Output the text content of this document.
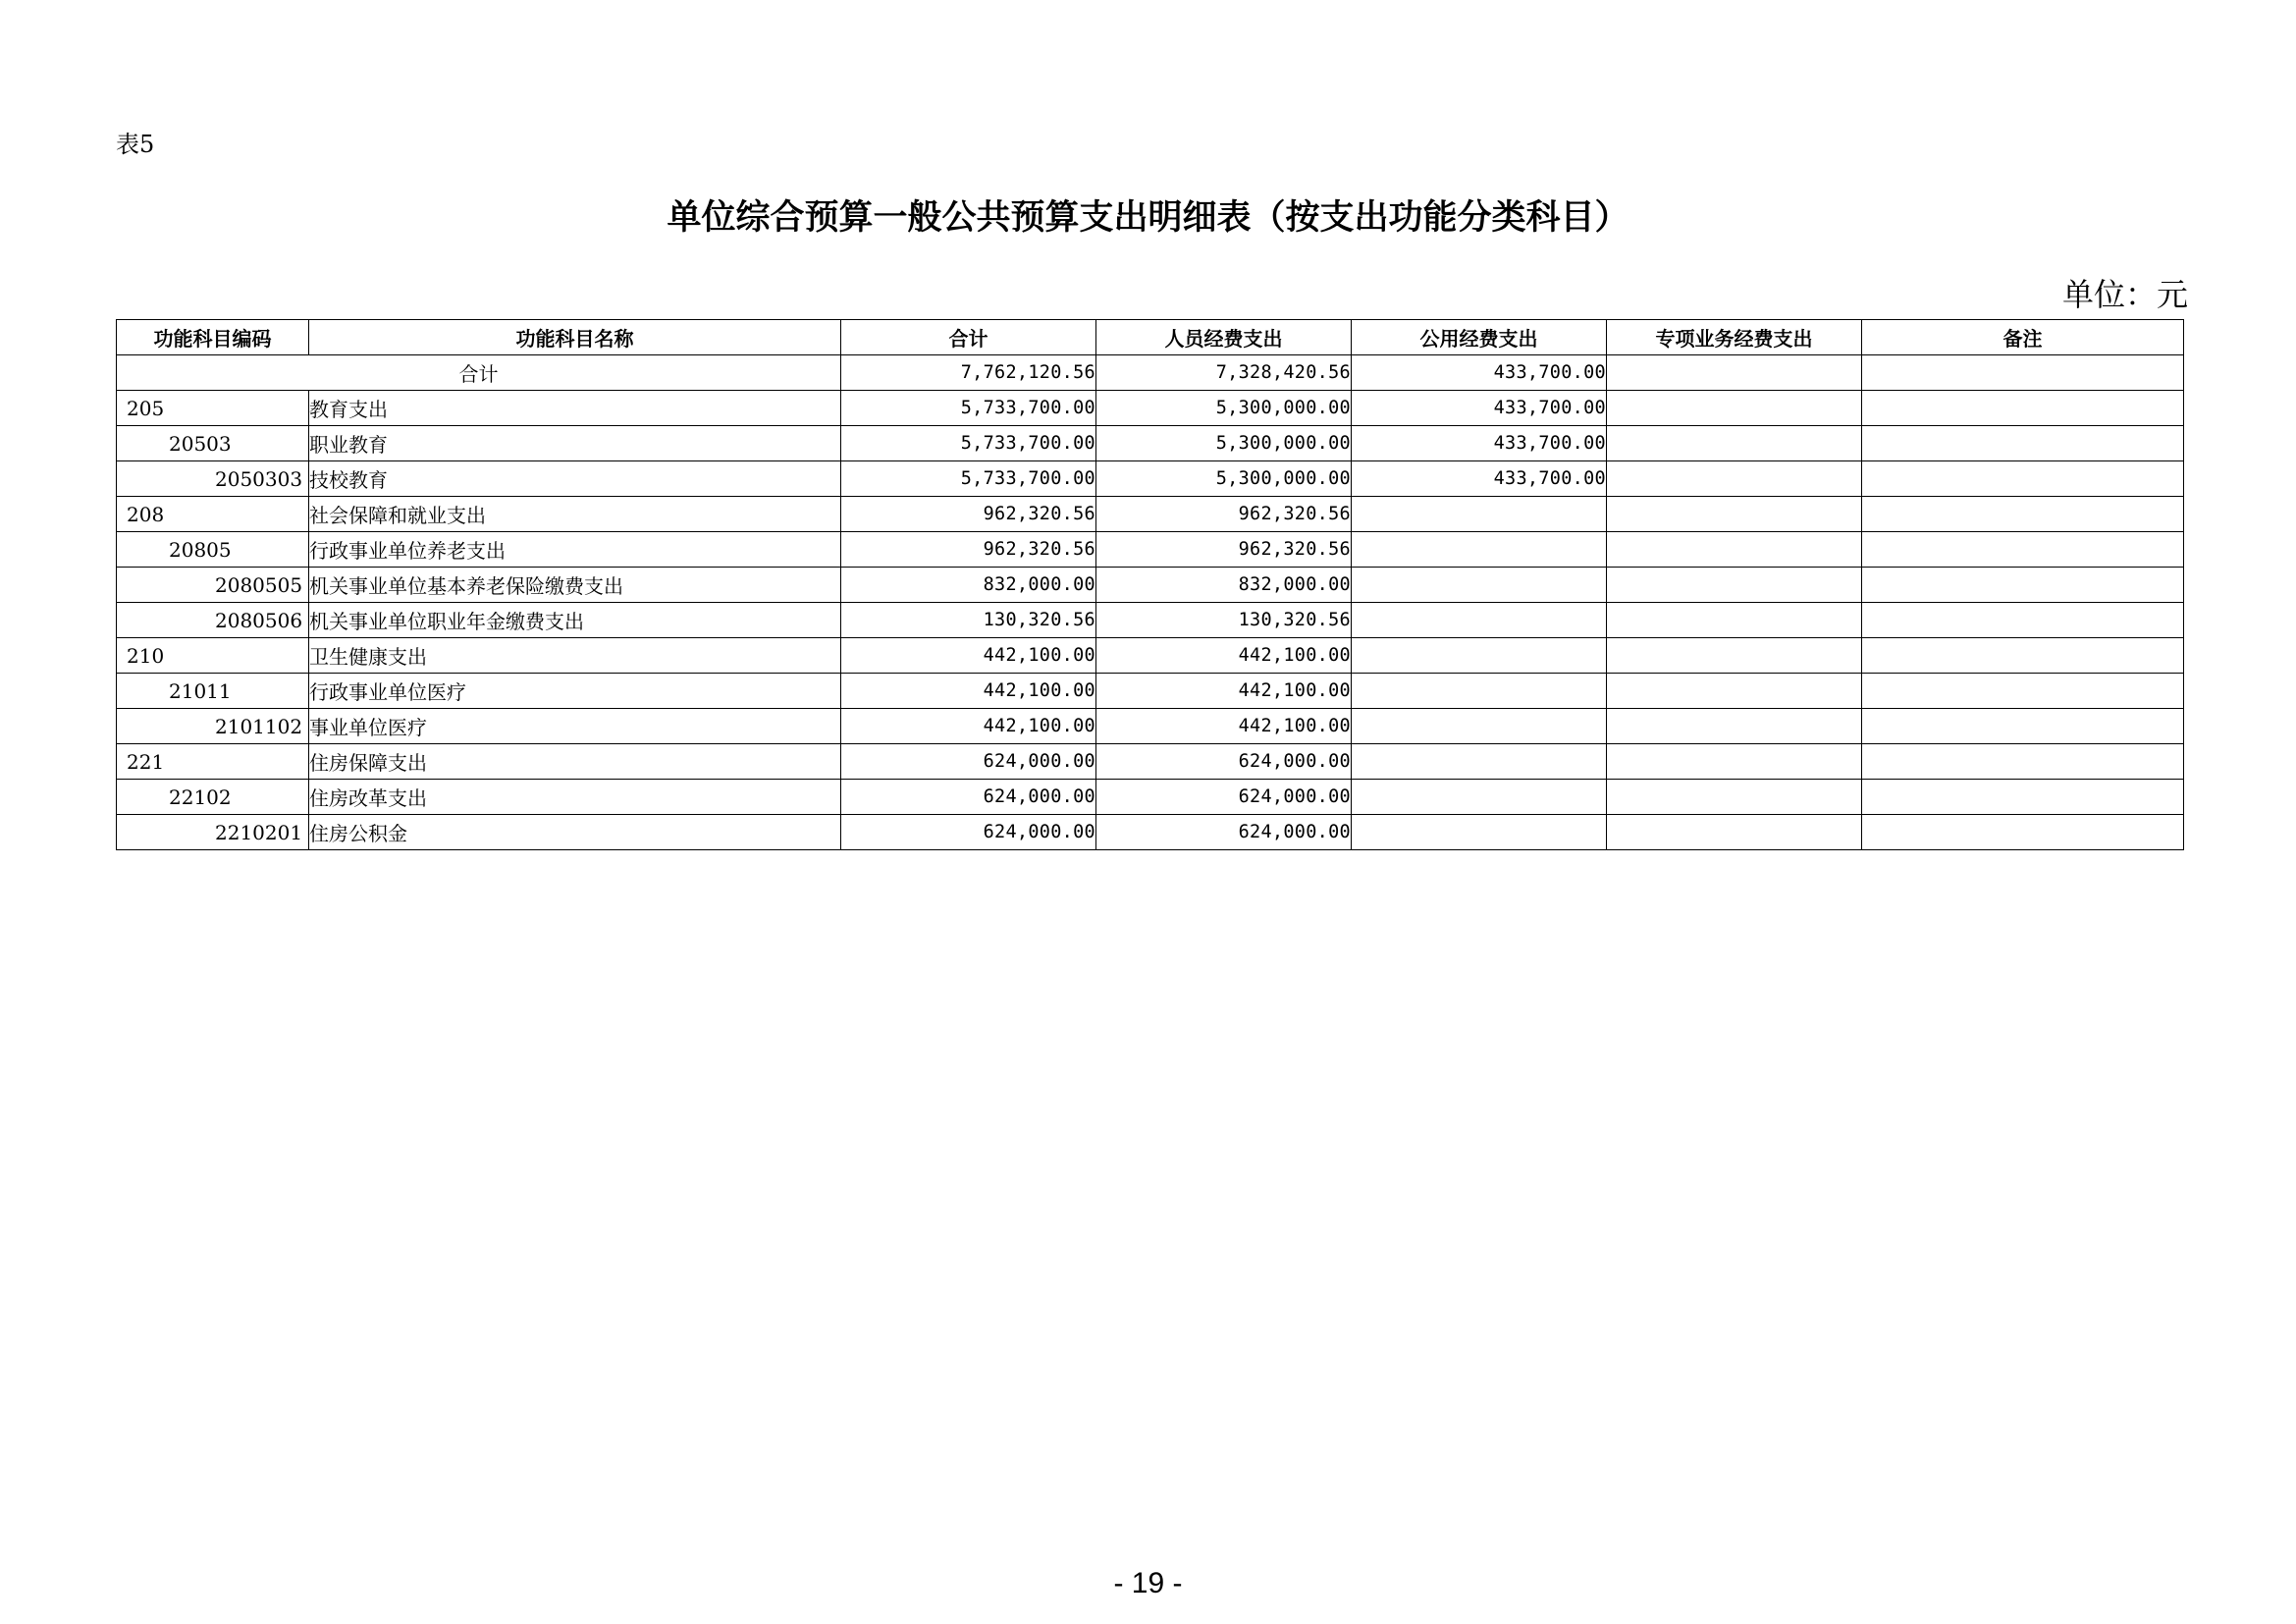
表5
单位综合预算一般公共预算支出明细表（按支出功能分类科目）
单位：元
功能科目编码	功能科目名称	合计	人员经费支出	公用经费支出	专项业务经费支出	备注
合计		7,762,120.56	7,328,420.56	433,700.00		
205	教育支出	5,733,700.00	5,300,000.00	433,700.00		
20503	职业教育	5,733,700.00	5,300,000.00	433,700.00		
2050303	技校教育	5,733,700.00	5,300,000.00	433,700.00		
208	社会保障和就业支出	962,320.56	962,320.56			
20805	行政事业单位养老支出	962,320.56	962,320.56			
2080505	机关事业单位基本养老保险缴费支出	832,000.00	832,000.00			
2080506	机关事业单位职业年金缴费支出	130,320.56	130,320.56			
210	卫生健康支出	442,100.00	442,100.00			
21011	行政事业单位医疗	442,100.00	442,100.00			
2101102	事业单位医疗	442,100.00	442,100.00			
221	住房保障支出	624,000.00	624,000.00			
22102	住房改革支出	624,000.00	624,000.00			
2210201	住房公积金	624,000.00	624,000.00			
- 19 -
